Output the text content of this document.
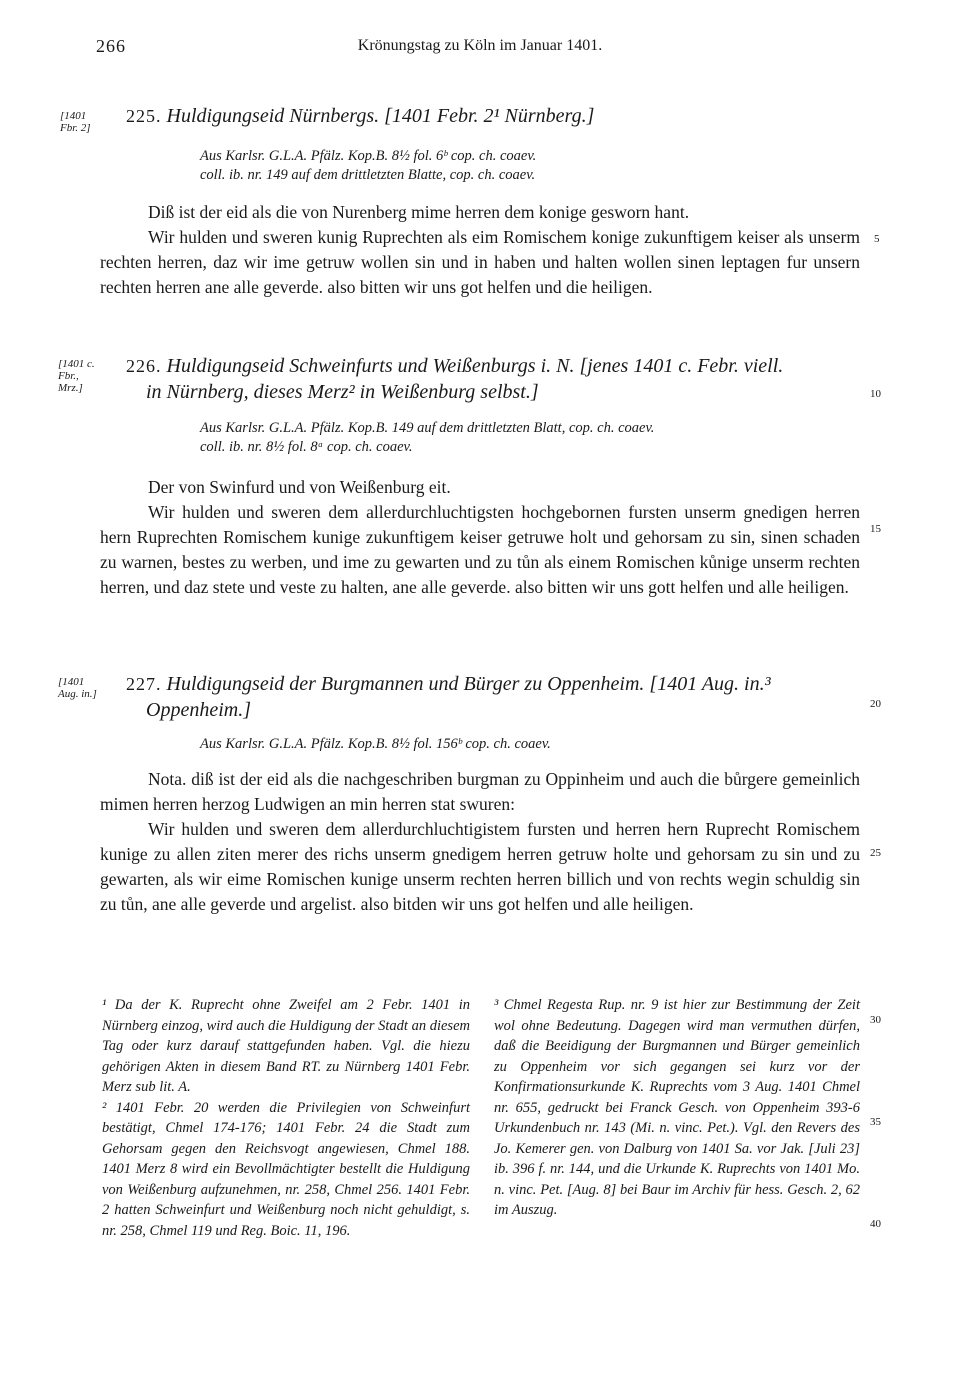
266	Krönungstag zu Köln im Januar 1401.
[1401 Fbr. 2]
225. Huldigungseid Nürnbergs. [1401 Febr. 2¹ Nürnberg.]
Aus Karlsr. G.L.A. Pfälz. Kop.B. 8½ fol. 6ᵇ cop. ch. coaev.
coll. ib. nr. 149 auf dem drittletzten Blatte, cop. ch. coaev.

Diß ist der eid als die von Nurenberg mime herren dem konige gesworn hant.

Wir hulden und sweren kunig Ruprechten als eim Romischem konige zukunftigem keiser als unserm rechten herren, daz wir ime getruw wollen sin und in haben und halten wollen sinen leptagen fur unsern rechten herren ane alle geverde. also bitten wir uns got helfen und die heiligen.

[1401 c. Fbr., Mrz.]
226. Huldigungseid Schweinfurts und Weißenburgs i. N. [jenes 1401 c. Febr. viell.
in Nürnberg, dieses Merz² in Weißenburg selbst.]
Aus Karlsr. G.L.A. Pfälz. Kop.B. 149 auf dem drittletzten Blatt, cop. ch. coaev.
coll. ib. nr. 8½ fol. 8ᵃ cop. ch. coaev.

Der von Swinfurd und von Weißenburg eit.

Wir hulden und sweren dem allerdurchluchtigsten hochgebornen fursten unserm gnedigen herren hern Ruprechten Romischem kunige zukunftigem keiser getruwe holt und gehorsam zu sin, sinen schaden zu warnen, bestes zu werben, und ime zu gewarten und zu tůn als einem Romischen kůnige unserm rechten herren, und daz stete und veste zu halten, ane alle geverde. also bitten wir uns gott helfen und alle heiligen.

[1401 Aug. in.] 227. Huldigungseid der Burgmannen und Bürger zu Oppenheim. [1401 Aug. in.³
Oppenheim.]
Aus Karlsr. G.L.A. Pfälz. Kop.B. 8½ fol. 156ᵇ cop. ch. coaev.

Nota. diß ist der eid als die nachgeschriben burgman zu Oppinheim und auch die bůrgere gemeinlich mimen herren herzog Ludwigen an min herren stat swuren:

Wir hulden und sweren dem allerdurchluchtigistem fursten und herren hern Ruprecht Romischem kunige zu allen ziten merer des richs unserm gnedigem herren getruw holte und gehorsam zu sin und zu gewarten, als wir eime Romischen kunige unserm rechten herren billich und von rechts wegin schuldig sin zu tůn, ane alle geverde und argelist. also bitden wir uns got helfen und alle heiligen.

5
10
15
20
25
30
35
40

¹ Da der K. Ruprecht ohne Zweifel am 2 Febr. 1401 in Nürnberg einzog, wird auch die Huldigung der Stadt an diesem Tag oder kurz darauf stattgefunden haben. Vgl. die hiezu gehörigen Akten in diesem Band RT. zu Nürnberg 1401 Febr. Merz sub lit. A.

² 1401 Febr. 20 werden die Privilegien von Schweinfurt bestätigt, Chmel 174-176; 1401 Febr. 24 die Stadt zum Gehorsam gegen den Reichsvogt angewiesen, Chmel 188. 1401 Merz 8 wird ein Bevollmächtigter bestellt die Huldigung von Weißenburg aufzunehmen, nr. 258, Chmel 256. 1401 Febr. 2 hatten Schweinfurt und Weißenburg noch nicht gehuldigt, s. nr. 258, Chmel 119 und Reg. Boic. 11, 196.

³ Chmel Regesta Rup. nr. 9 ist hier zur Bestimmung der Zeit wol ohne Bedeutung. Dagegen wird man vermuthen dürfen, daß die Beeidigung der Burgmannen und Bürger gemeinlich zu Oppenheim vor sich gegangen sei kurz vor der Konfirmationsurkunde K. Ruprechts vom 3 Aug. 1401 Chmel nr. 655, gedruckt bei Franck Gesch. von Oppenheim 393-6 Urkundenbuch nr. 143 (Mi. n. vinc. Pet.). Vgl. den Revers des Jo. Kemerer gen. von Dalburg von 1401 Sa. vor Jak. [Juli 23] ib. 396 f. nr. 144, und die Urkunde K. Ruprechts von 1401 Mo. n. vinc. Pet. [Aug. 8] bei Baur im Archiv für hess. Gesch. 2, 62 im Auszug.
